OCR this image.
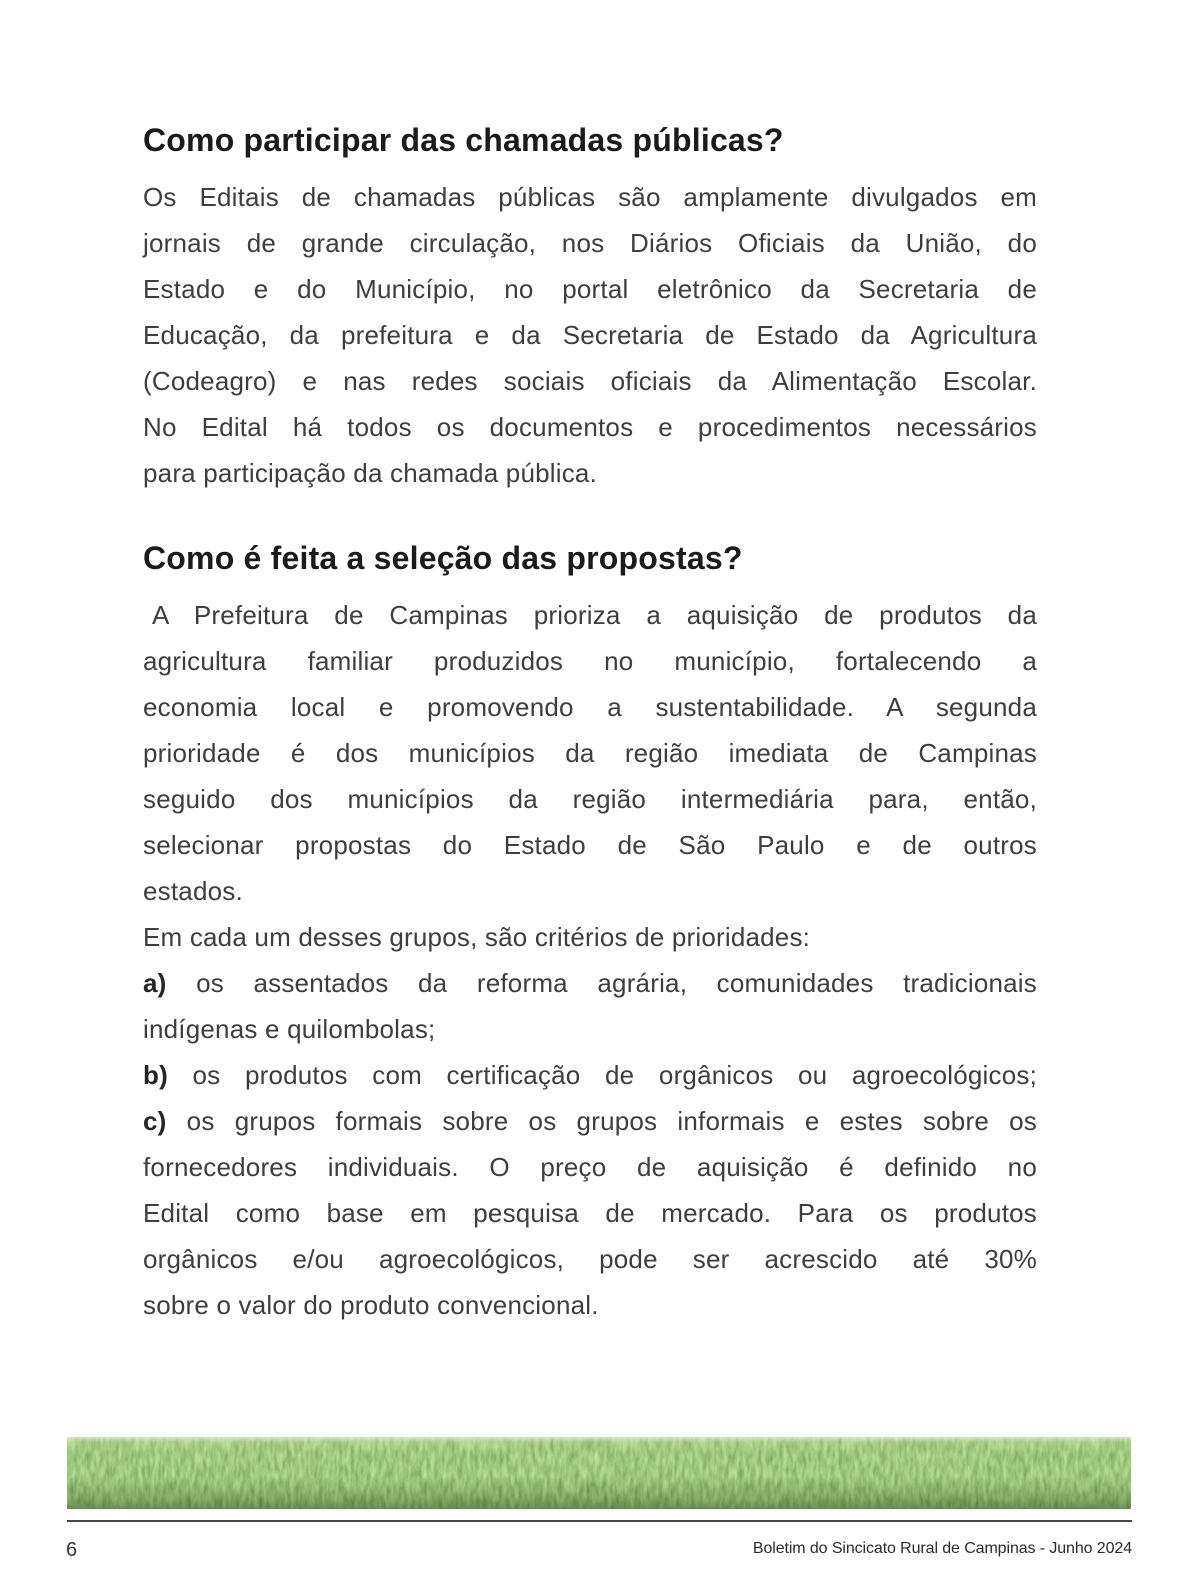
Como participar das chamadas públicas?
Os Editais de chamadas públicas são amplamente divulgados em
jornais de grande circulação, nos Diários Oficiais da União, do
Estado e do Município, no portal eletrônico da Secretaria de
Educação, da prefeitura e da Secretaria de Estado da Agricultura
(Codeagro) e nas redes sociais oficiais da Alimentação Escolar.
No Edital há todos os documentos e procedimentos necessários
para participação da chamada pública.
Como é feita a seleção das propostas?
A Prefeitura de Campinas prioriza a aquisição de produtos da
agricultura familiar produzidos no município, fortalecendo a
economia local e promovendo a sustentabilidade. A segunda
prioridade é dos municípios da região imediata de Campinas
seguido dos municípios da região intermediária para, então,
selecionar propostas do Estado de São Paulo e de outros
estados.
Em cada um desses grupos, são critérios de prioridades:
a) os assentados da reforma agrária, comunidades tradicionais
indígenas e quilombolas;
b) os produtos com certificação de orgânicos ou agroecológicos;
c) os grupos formais sobre os grupos informais e estes sobre os
fornecedores individuais. O preço de aquisição é definido no
Edital como base em pesquisa de mercado. Para os produtos
orgânicos e/ou agroecológicos, pode ser acrescido até 30%
sobre o valor do produto convencional.
6	Boletim do Sincicato Rural de Campinas - Junho 2024
